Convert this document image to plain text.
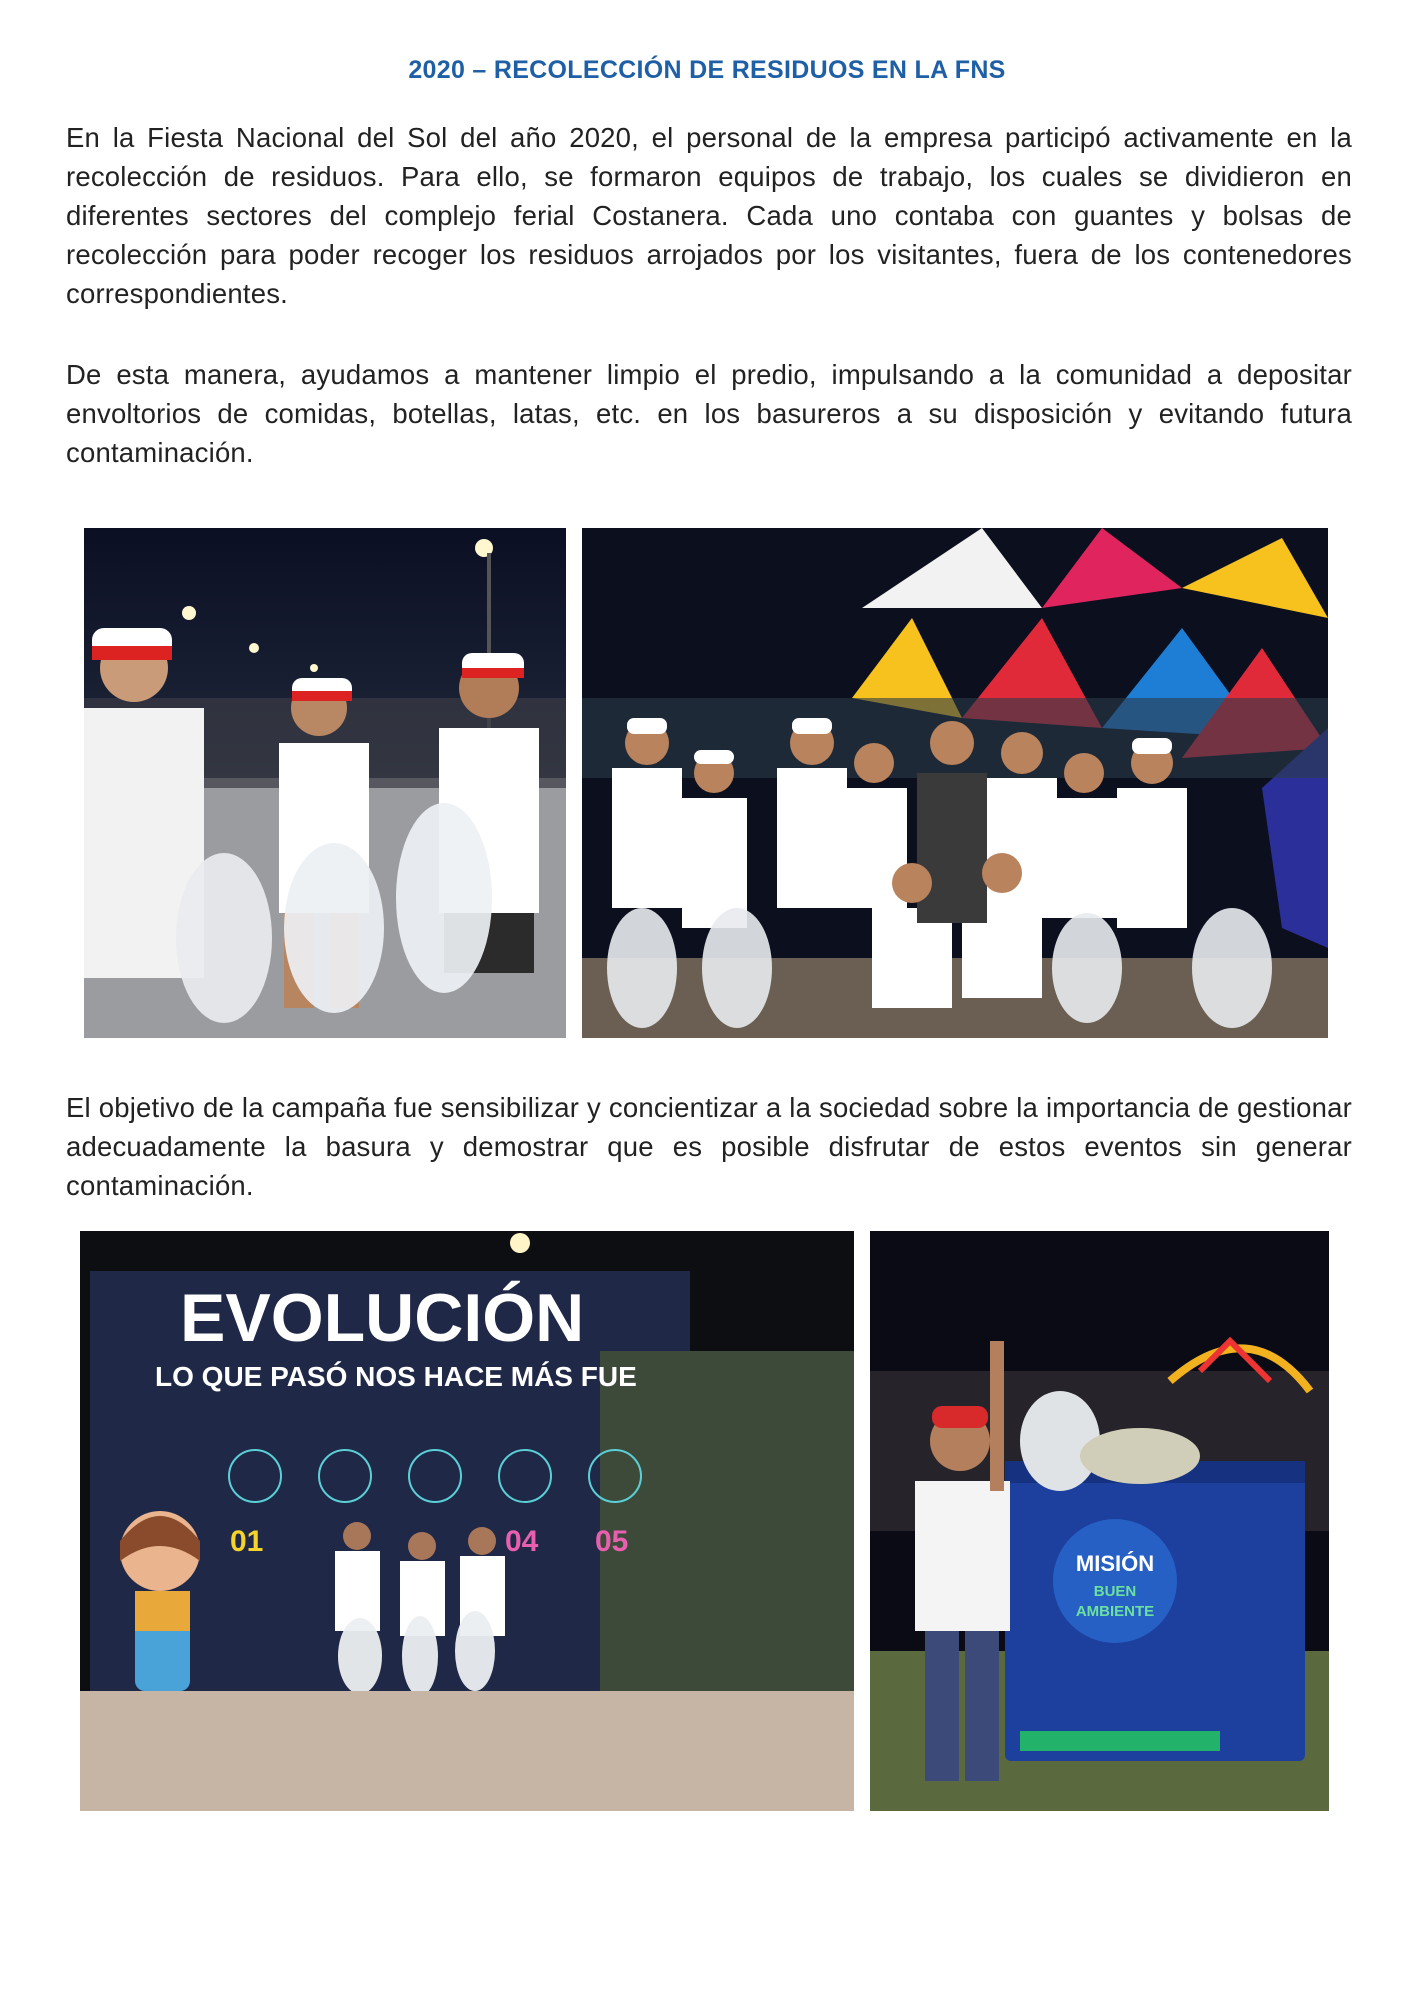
2020 – RECOLECCIÓN DE RESIDUOS EN LA FNS

En la Fiesta Nacional del Sol del año 2020, el personal de la empresa participó activamente en la recolección de residuos. Para ello, se formaron equipos de trabajo, los cuales se dividieron en diferentes sectores del complejo ferial Costanera. Cada uno contaba con guantes y bolsas de recolección para poder recoger los residuos arrojados por los visitantes, fuera de los contenedores correspondientes.

De esta manera, ayudamos a mantener limpio el predio, impulsando a la comunidad a depositar envoltorios de comidas, botellas, latas, etc. en los basureros a su disposición y evitando futura contaminación.

El objetivo de la campaña fue sensibilizar y concientizar a la sociedad sobre la importancia de gestionar adecuadamente la basura y demostrar que es posible disfrutar de estos eventos sin generar contaminación.

EVOLUCIÓN
LO QUE PASÓ NOS HACE MÁS FUE
01	04 05
MISIÓN
BUEN
AMBIENTE
